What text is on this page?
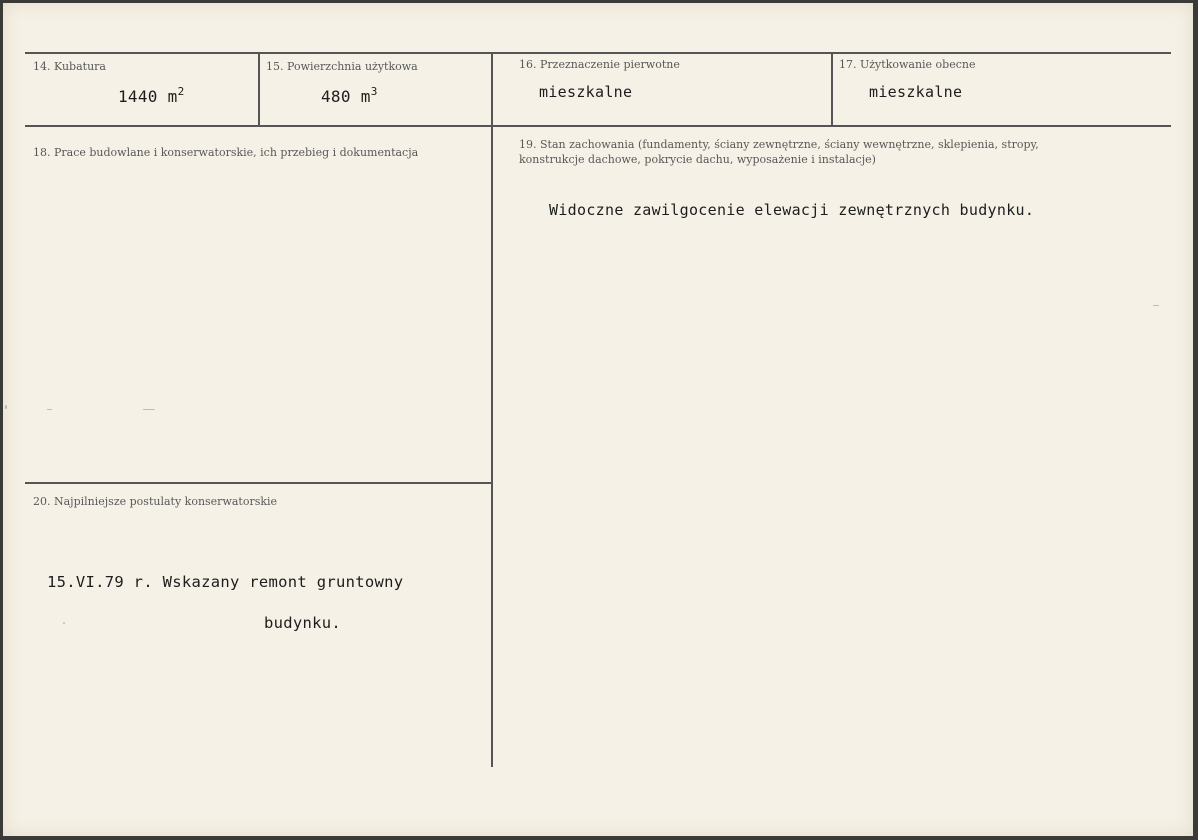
14. Kubatura
1440 $m^2$
15. Powierzchnia użytkowa
480 $m^3$
16. Przeznaczenie pierwotne
mieszkalne
17. Użytkowanie obecne
mieszkalne
18. Prace budowlane i konserwatorskie, ich przebieg i dokumentacja
19. Stan zachowania (fundamenty, ściany zewnętrzne, ściany wewnętrzne, sklepienia, stropy,
konstrukcje dachowe, pokrycie dachu, wyposażenie i instalacje)
Widoczne zawilgocenie elewacji zewnętrznych budynku.
20. Najpilniejsze postulaty konserwatorskie
15.VI.79 r. Wskazany remont gruntowny
budynku.
